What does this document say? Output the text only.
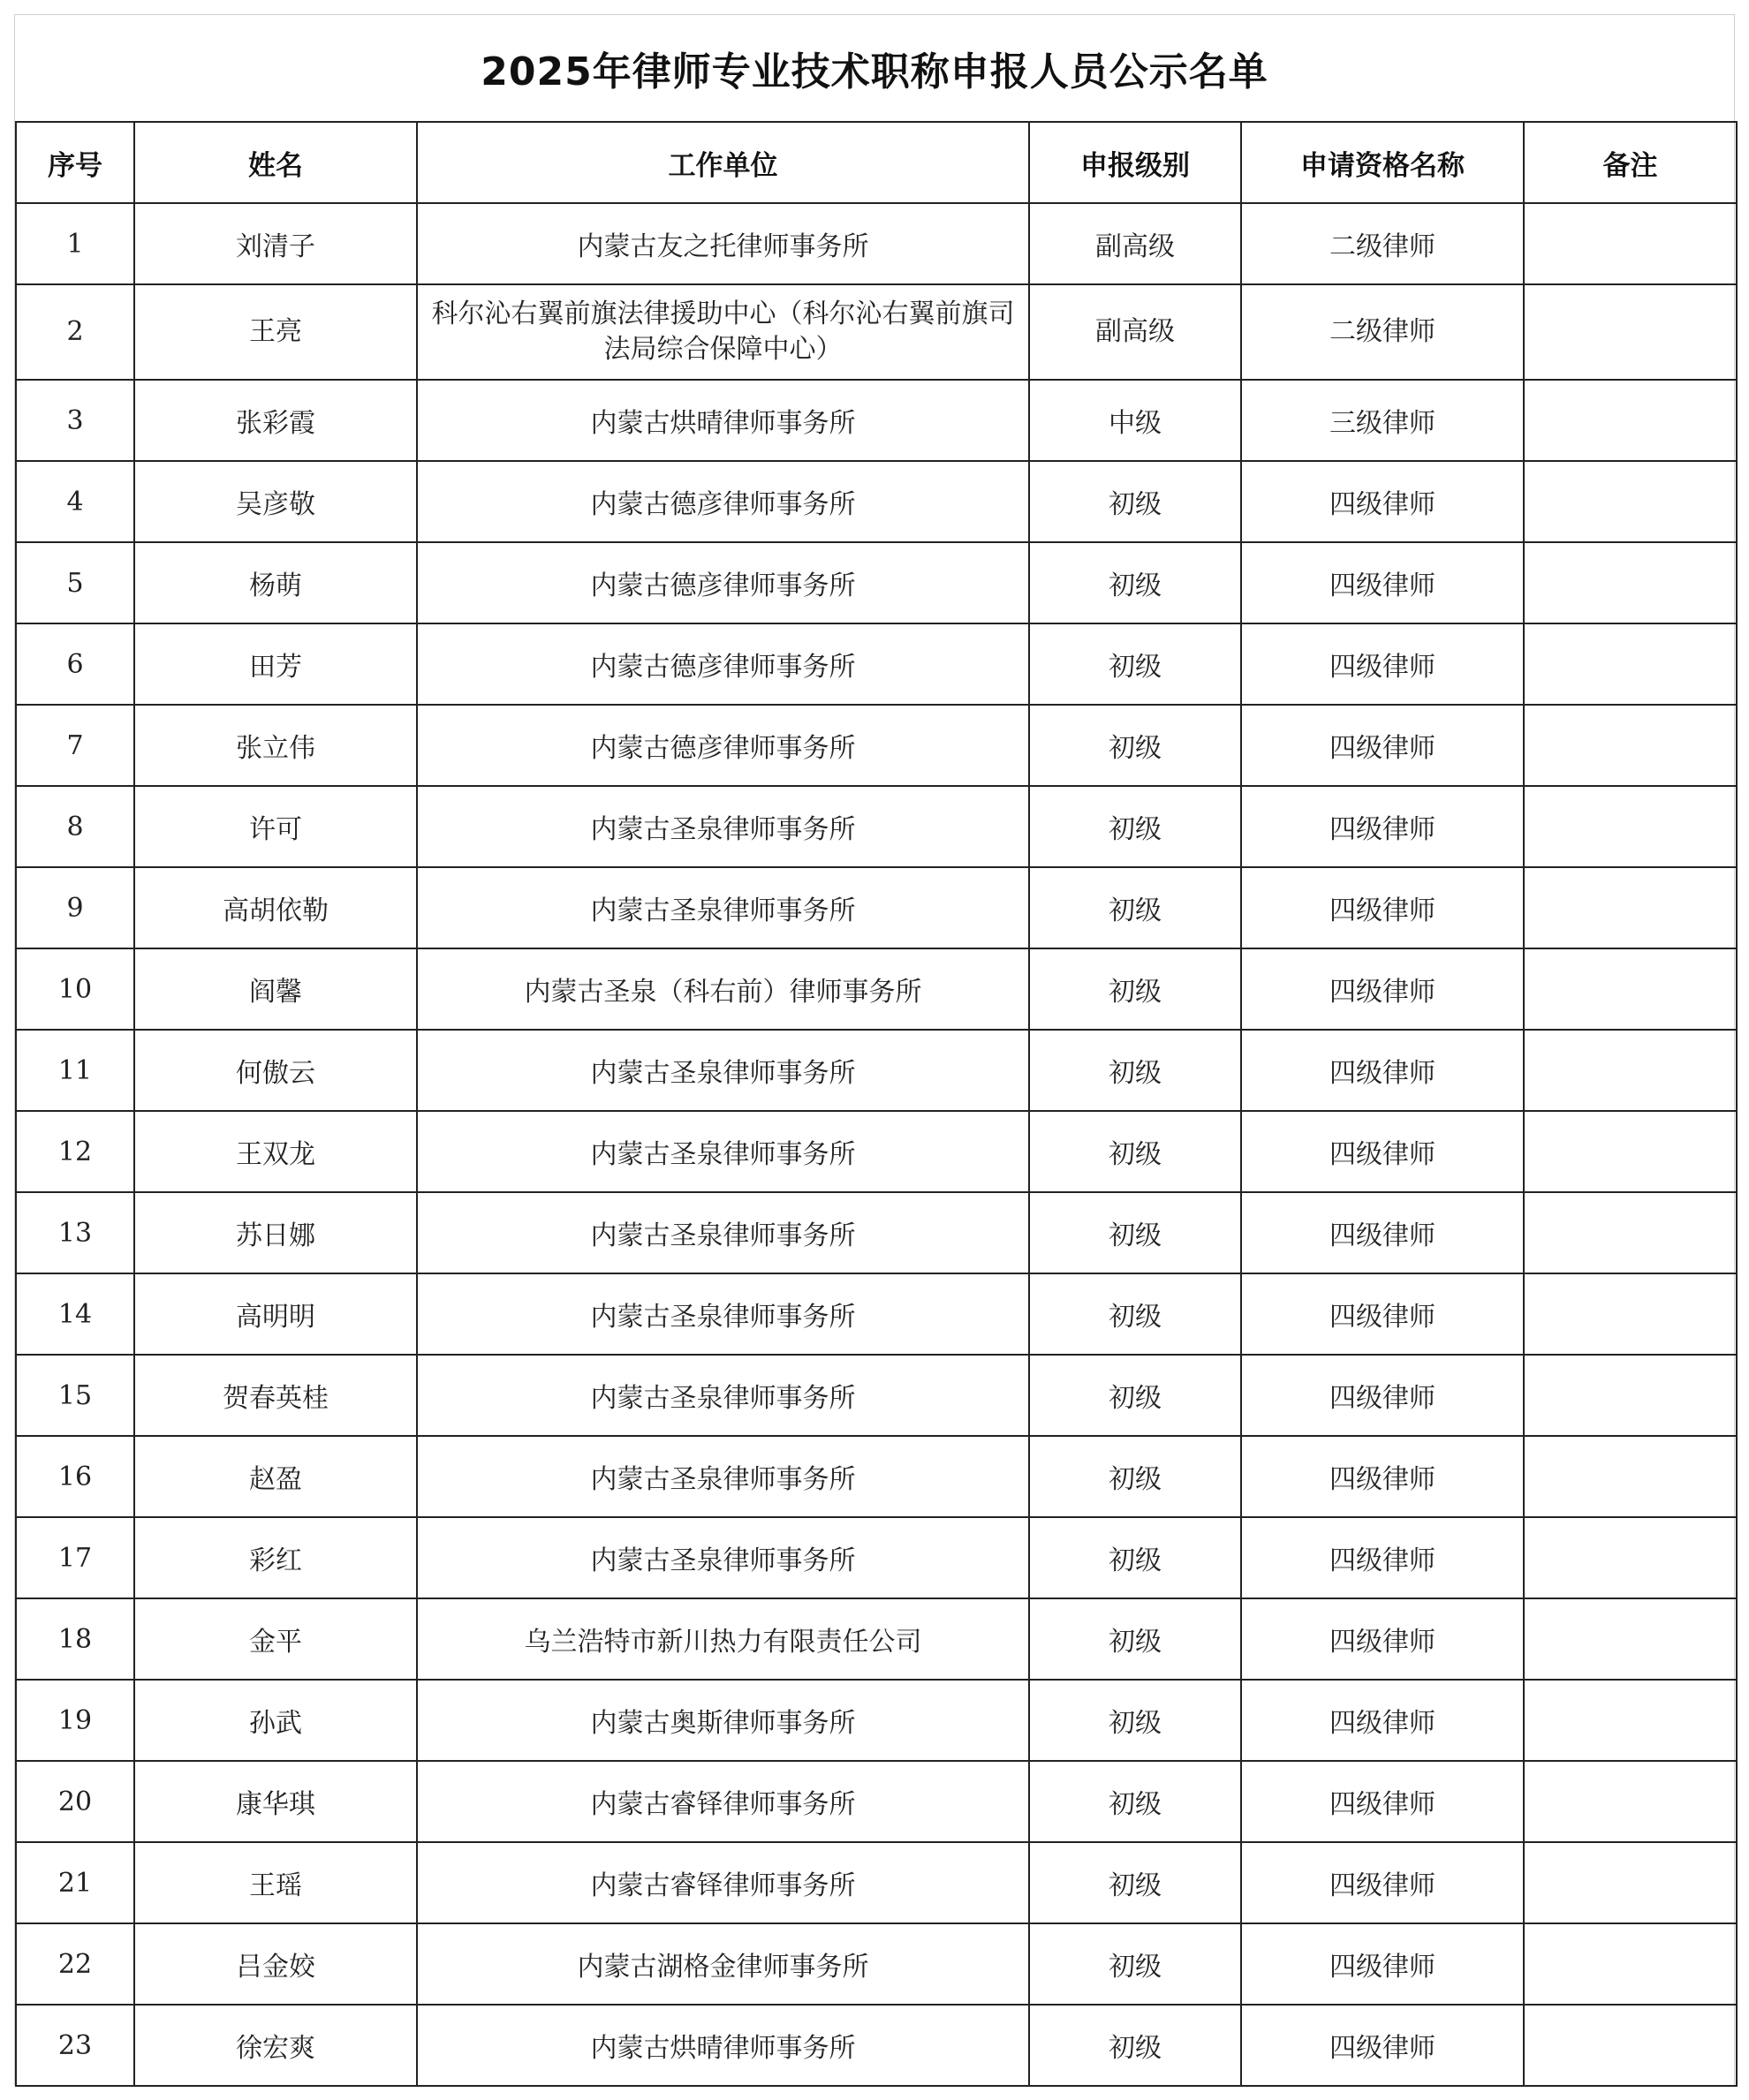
2025年律师专业技术职称申报人员公示名单
序号	姓名	工作单位	申报级别	申请资格名称	备注
1	刘清子	内蒙古友之托律师事务所	副高级	二级律师	
2	王亮	科尔沁右翼前旗法律援助中心（科尔沁右翼前旗司法局综合保障中心）	副高级	二级律师	
3	张彩霞	内蒙古烘晴律师事务所	中级	三级律师	
4	吴彦敬	内蒙古德彦律师事务所	初级	四级律师	
5	杨萌	内蒙古德彦律师事务所	初级	四级律师	
6	田芳	内蒙古德彦律师事务所	初级	四级律师	
7	张立伟	内蒙古德彦律师事务所	初级	四级律师	
8	许可	内蒙古圣泉律师事务所	初级	四级律师	
9	高胡依勒	内蒙古圣泉律师事务所	初级	四级律师	
10	阎馨	内蒙古圣泉（科右前）律师事务所	初级	四级律师	
11	何傲云	内蒙古圣泉律师事务所	初级	四级律师	
12	王双龙	内蒙古圣泉律师事务所	初级	四级律师	
13	苏日娜	内蒙古圣泉律师事务所	初级	四级律师	
14	高明明	内蒙古圣泉律师事务所	初级	四级律师	
15	贺春英桂	内蒙古圣泉律师事务所	初级	四级律师	
16	赵盈	内蒙古圣泉律师事务所	初级	四级律师	
17	彩红	内蒙古圣泉律师事务所	初级	四级律师	
18	金平	乌兰浩特市新川热力有限责任公司	初级	四级律师	
19	孙武	内蒙古奥斯律师事务所	初级	四级律师	
20	康华琪	内蒙古睿铎律师事务所	初级	四级律师	
21	王瑶	内蒙古睿铎律师事务所	初级	四级律师	
22	吕金姣	内蒙古湖格金律师事务所	初级	四级律师	
23	徐宏爽	内蒙古烘晴律师事务所	初级	四级律师	
